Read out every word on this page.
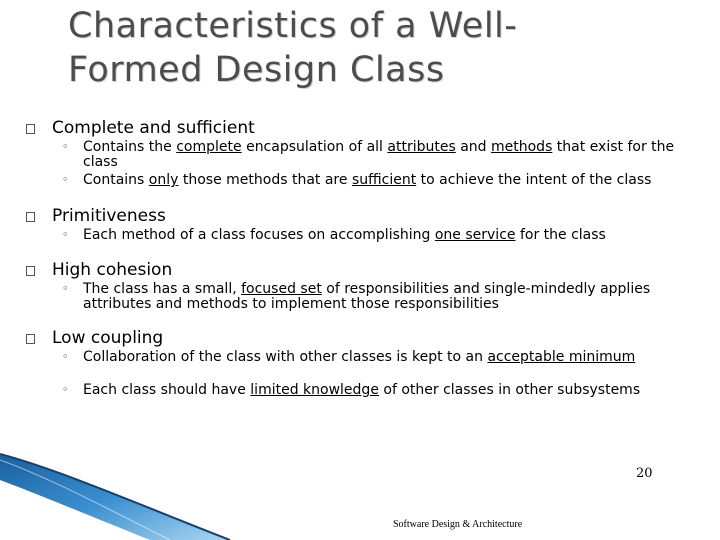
Characteristics of a Well-
Formed Design Class
Complete and sufficient
◦ Contains the complete encapsulation of all attributes and methods that exist for the class
◦ Contains only those methods that are sufficient to achieve the intent of the class
Primitiveness
◦ Each method of a class focuses on accomplishing one service for the class
High cohesion
◦ The class has a small, focused set of responsibilities and single-mindedly applies attributes and methods to implement those responsibilities
Low coupling
◦ Collaboration of the class with other classes is kept to an acceptable minimum
◦ Each class should have limited knowledge of other classes in other subsystems
20
Software Design & Architecture
